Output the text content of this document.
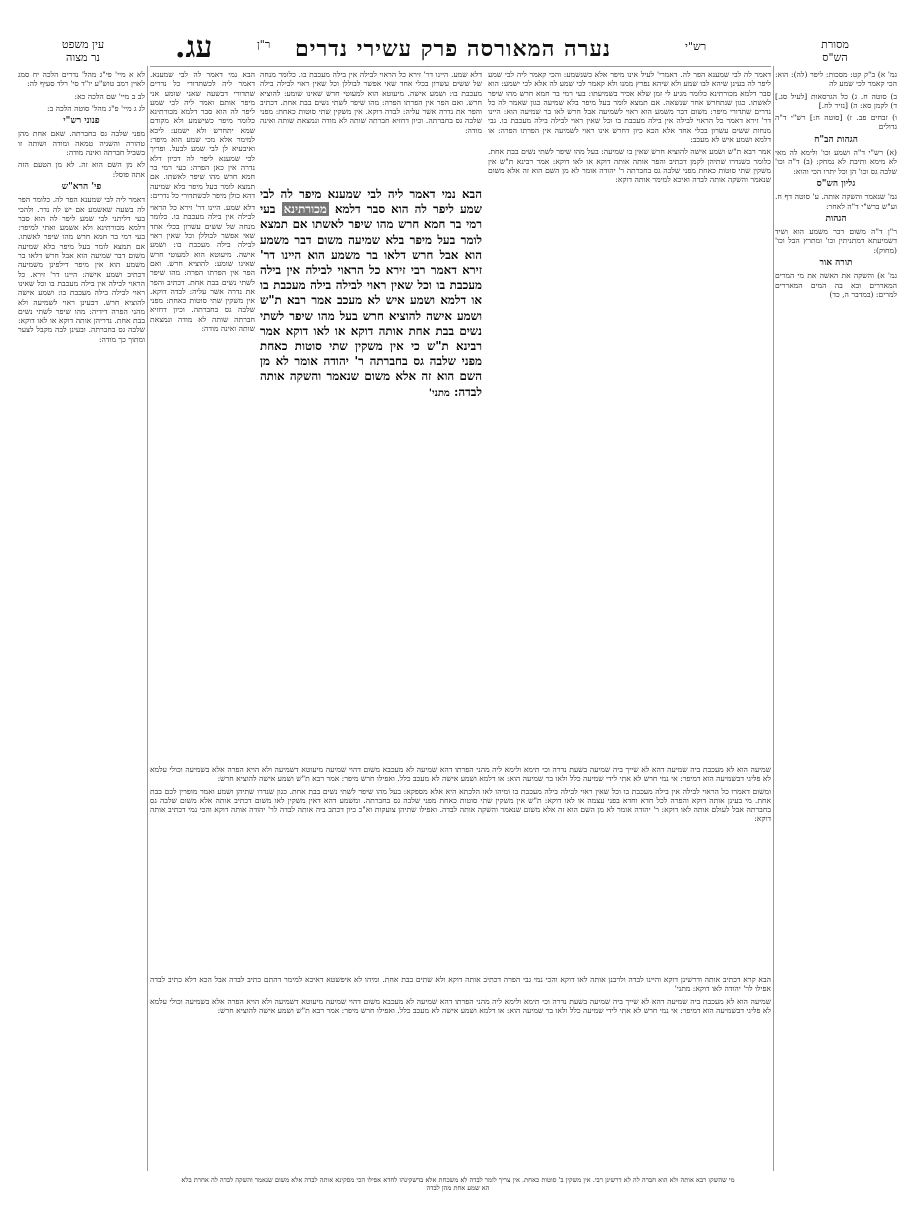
עין משפט
נר מצוה	עג.	ר"ן נערה המאורסה פרק עשירי נדרים	רש"י	מסורת
הש"ס

גמ' א) ב"ק קט: מסכות: ליפר (לה): הוא: הכי קאמר לכי שמע לה

ב) סוטה ח. ג) כל הגרסאות [לעיל סג.] ד) לקמן סא: ה) [נזיר לח.]

ו) זבחים פב. ז) [סוטה ח:] רש"י ד"ה גדולים

הגהות הב"ח

(א) רש"י ד"ה ושמע וכו' ולימא לה מאי לא מימא ותיבת לא נמחק: (ב) ד"ה וכו' שלבה גס וכו' הן וכל יתרו הכי והוא:

גליון הש"ס

גמ' שנאמר והשקה אותה. ע' סוטה דף ח. וע"ש ברש"י ד"ה לאחר:

הגהות

ר"ן ד"ה משום דבר משמע הוא ושיד דשמיעתא דמתניתין וכו' ומתרץ הבל וכו' (מחוק):

תורה אור

גמ' א) והשקה את האשה את מי המרים המאררים ובא בה המים המאררים למרים: (במדבר ה, כד)

לא א מיי' פי"ג מהל' נדרים הלכה יח סמג לאוין רמב טוש"ע יו"ד סי' רלד סעיף לה:

לב ב מיי' שם הלכה כא:

לג ג מיי' פ"ג מהל' סוטה הלכה ב:

פנוני רש"י

מפני שלבה גס בחברתה. שאם אחת מהן טהורה והשניה טמאה ומודה ושותה זו בשביל חברתה ואינה מודה:

לא מן השם הוא זה. לא מן הטעם הזה אתה פוסל:

פי' הרא"ש

דאמר ליה לבי שמענא הפר לה. כלומר הפר לה בשעה שאשמע אם יש לה נדר. ולהכי בעי דליתני לבי שמע ליפר לה הוא סבר דלמא מכורתינא ולא אשמע ואתי למיפר: בעי רמי בר חמא חרש מהו שיפר לאשתו. אם תמצא לומר בעל מיפר בלא שמיעה משום דבר שמיעה הוא אבל חרש דלאו בר משמע הוא אין מיפר דילפינן משמיעה דכתיב ושמע אישה: היינו דר' זירא. כל הראוי לבילה אין בילה מעכבת בו וכל שאינו ראוי לבילה בילה מעכבת בו: ושמע אישה להוציא חרש. דבעינן ראוי לשמיעה ולא מהני הפרה דידיה: מהו שיפר לשתי נשים בבת אחת. נדריהן אותה דוקא או לאו דוקא: שלבה גס בחברתה. ובעינן לבה מקבל לצער ומתוך כך מודה:

דאמר לה לבי שמענא הפר לה. דאמרי' לעיל אינו מיפר אלא כשנשמע: והכי קאמר ליה לבי שמע ליפר לה בעינן שיהא לבו שמע ולא שיהא נפרץ ממנו ולא קאמר לבי שמע לה אלא לכי ישמע: הוא סבר דלמא מכורתינא כלומר מגיע לי זמן שלא אכיר בשמיעתו: בעי רמי בר חמא חרש מהו שיפר לאשתו. כגון שנתחרש אחר שנשאה. אם תמצא לומר בעל מיפר בלא שמיעה כגון שאמר לה כל נדרים שתדורי מיפר: משום דבר משמע הוא ראוי לשמיעה אבל חרש לאו בר שמיעה הוא: היינו דר' זירא דאמר כל הראוי לבילה אין בילה מעכבת בו וכל שאין ראוי לבילה בילה מעכבת בו. גבי מנחות ששים עשרון בכלי אחד אלא הכא כיון דחרש אינו ראוי לשמיעה אין הפרתו הפרה: או דלמא ושמע איש לא מעכב:

אמר רבא ת"ש ושמע אישה להוציא חרש שאין בו שמיעה: בעל מהו שיפר לשתי נשים בבת אחת. כלומר כשנדרו שתיהן לקמן דכתיב והפר אותה אותה דוקא או לאו דוקא: אמר רבינא ת"ש אין משקין שתי סוטות כאחת מפני שלבה גס בחברתה ר' יהודה אומר לא מן השם הוא זה אלא משום שנאמר והשקה אותה לבדה ואיכא למימר אותה דוקא:

הבא נמי דאמר לה לבי שמענא. דאמר ליה לכשתדורי כל נדרים שתדורי דבשעה שאני שומע אני מיפר אותם ואמר ליה לכי שמע ליפר לה הוא סבר דלמא מכורתינא כלומר מיפר כשישמע ולא מקודם שמא יתחרש ולא ישמע: ליכא למימר אלא מכי שמע הוא מיפר: ואיבעיא לן לבי שמע לבעל. ופריך לבי שמענא ליפר לה דכיון דלא נדרה אין כאן הפרה: בעי רמי בר חמא חרש מהו שיפר לאשתו. אם תמצא לומר בעל מיפר בלא שמיעה דהא כולן מיפר לכשתדורי כל נדרים:

דלא שמע. היינו דר' זירא כל הראוי לבילה אין בילה מעכבת בו. כלומר מנחה של ששים עשרון בכלי אחד שאי אפשר לבוללן וכל שאין ראוי לבילה בילה מעכבת בו: ושמע אישה. מיעוטא הוא למעוטי חרש שאינו שומע: להוציא חרש. ואם הפר אין הפרתו הפרה: מהו שיפר לשתי נשים בבת אחת. דכתיב והפר את נדרה אשר עליה: לבדה דוקא. אין משקין שתי סוטות כאחת: מפני שלבה גס בחברתה. וכיון דחזיא חברתה שותה לא מודה ונמצאת שותה ואינה מודה:

דלא שמע. היינו דר' זירא כל הראוי לבילה אין בילה מעכבת בו. כלומר מנחה של ששים עשרון בכלי אחד שאי אפשר לבוללן וכל שאין ראוי לבילה בילה מעכבת בו: ושמע אישה. מיעוטא הוא למעוטי חרש שאינו שומע: להוציא חרש. ואם הפר אין הפרתו הפרה: מהו שיפר לשתי נשים בבת אחת. דכתיב והפר את נדרה אשר עליה: לבדה דוקא. אין משקין שתי סוטות כאחת: מפני שלבה גס בחברתה. וכיון דחזיא חברתה שותה לא מודה ונמצאת שותה ואינה מודה:

הבא נמי דאמר ליה לבי שמענא מיפר לה לבי שמע ליפר לה הוא סבר דלמא מכורתינא בעי רמי בר חמא חרש מהו שיפר לאשתו אם תמצא לומר בעל מיפר בלא שמיעה משום דבר משמע הוא אבל חרש דלאו בר משמע הוא היינו דר' זירא דאמר רבי זירא כל הראוי לבילה אין בילה מעכבת בו וכל שאין ראוי לבילה בילה מעכבת בו או דלמא ושמע איש לא מעכב אמר רבא ת"ש ושמע אישה להוציא חרש בעל מהו שיפר לשתי נשים בבת אחת אותה דוקא או לאו דוקא אמר רבינא ת"ש כי אין משקין שתי סוטות כאחת מפני שלבה גס בחברתה ר' יהודה אומר לא מן השם הוא זה אלא משום שנאמר והשקה אותה לבדה: מתני'

שמיעה הוא לא מעכבת ביה שמיעה דהא לא שייך ביה שמיעה בשעת נדרה וכי תימא ולימא ליה מהני הפרתו דהא שמיעה לא מעכבא משום דהוי שמיעה מיעוטא דשמיעה ולא הויא הפרה אלא בשמיעה וכולי עלמא לא פליגי דבשמיעה הוא דמיפר: אי נמי חרש לא אתי לידי שמיעה כלל ולאו בר שמיעה הוא: או דלמא ושמע אישה לא מעכב כלל. ואפילו חרש מיפר: אמר רבא ת"ש ושמע אישה להוציא חרש:

ומשום דאמרו כל הראוי לבילה אין בילה מעכבת בו וכל שאין ראוי לבילה בילה מעכבת בו ומיהו לאו הלכתא היא אלא מספקא: בעל מהו שיפר לשתי נשים בבת אחת. כגון שנדרו שתיהן ושמע ואמר מופרין לכם בבת אחת. מי בעינן אותה דוקא והפרה לכל חדא וחדא בפני עצמה או לאו דוקא: ת"ש אין משקין שתי סוטות כאחת מפני שלבה גס בחברתה. ומשמע דהא דאין משקין לאו משום דכתיב אותה אלא משום שלבה גס בחברתה אבל לעולם אותה לאו דוקא: ר' יהודה אומר לא מן השם הוא זה אלא משום שנאמר והשקה אותה לבדה. ואפילו שתיהן צועקות וא"כ כיון דכתב ביה אותה לבדה לר' יהודה אותה דוקא והכי נמי דכתיב אותה דוקא:

הבא קרא דכתיב אותה ודרשינן דוקא והיינו לבדה ולרבנן אותה לאו דוקא והכי נמי גבי הפרה דכתיב אותה דוקא ולא שתים בבת אחת. ומיהו לא איפשטא דאיכא למימר דהתם כתיב לבדה אבל הכא דלא כתיב לבדה אפילו לר' יהודה לאו דוקא: מתני'

שמיעה הוא לא מעכבת ביה שמיעה דהא לא שייך ביה שמיעה בשעת נדרה וכי תימא ולימא ליה מהני הפרתו דהא שמיעה לא מעכבא משום דהוי שמיעה מיעוטא דשמיעה ולא הויא הפרה אלא בשמיעה וכולי עלמא לא פליגי דבשמיעה הוא דמיפר: אי נמי חרש לא אתי לידי שמיעה כלל ולאו בר שמיעה הוא: או דלמא ושמע אישה לא מעכב כלל. ואפילו חרש מיפר: אמר רבא ת"ש ושמע אישה להוציא חרש:

מי שהשקו רבא אותה ולא הוא חברה לה לא דרשינן רבי. אין משקין ב' סוטות כאחת. אין צריך לומר לבדה לא משכחת אלא בדשקינהו לחדא אפילו הכי מסקינא אותה לבדה אלא משום שנאמר והשקה לבדה לה אחרת בלא הא שמע אחת מהן לבדה
